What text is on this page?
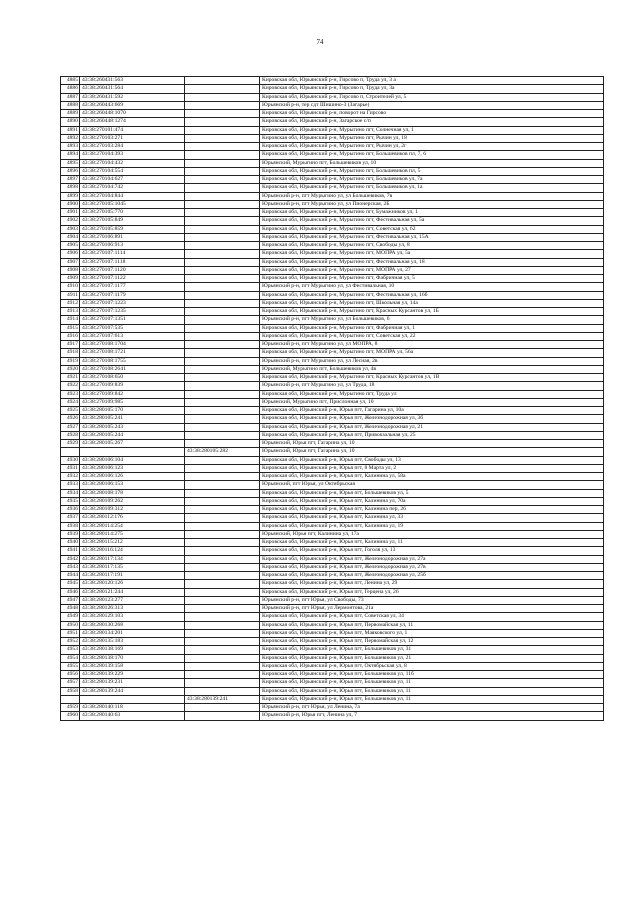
74
4885	43:38:260431:563		Кировская обл, Юрьянский р-н, Гирсово п, Труда ул, 3 а
4886	43:38:260431:564		Кировская обл, Юрьянский р-н, Гирсово п, Труда ул, 3а
4887	43:38:260431:592		Кировская обл, Юрьянский р-н, Гирсово п, Строителей ул, 5
4888	43:38:260443:669		Юрьянский р-н, тер сдт Шишино-3 (Загарье)
4889	43:38:260448:1070		Кировская обл, Юрьянский р-н, поворот на Гирсово
4890	43:38:260448:1274		Кировская обл, Юрьянский р-н, Загарское с/п
4891	43:38:270101:474		Кировская обл, Юрьянский р-н, Мурыгино пгт, Солнечная ул, 1
4892	43:38:270103:271		Кировская обл, Юрьянский р-н, Мурыгино пгт, Рычин ул, 18
4893	43:38:270103:284		Кировская обл, Юрьянский р-н, Мурыгино пгт, Рычин ул, 2г
4894	43:38:270104:393		Кировская обл, Юрьянский р-н, Мурыгино пгт, Большевиков пл, 7, 6
4895	43:38:270104:432		Юрьянский, Мурыгино пгт, Большевиков ул, 10
4896	43:38:270104:554		Кировская обл, Юрьянский р-н, Мурыгино пгт, Большевиков пл, 5
4897	43:38:270104:627		Кировская обл, Юрьянский р-н, Мурыгино пгт, Большевиков ул, 7а
4898	43:38:270104:742		Кировская обл, Юрьянский р-н, Мурыгино пгт, Большевиков ул, 1а
4899	43:38:270104:844		Юрьянский р-н, пгт Мурыгино ул, ул Большевиков, 7в
4900	43:38:270105:1045		Юрьянский р-н, пгт Мурыгино ул, ул Пионерская, 2Б
4901	43:38:270105:770		Кировская обл, Юрьянский р-н, Мурыгино пгт, Бумажников ул, 1
4902	43:38:270105:849		Кировская обл, Юрьянский р-н, Мурыгино пгт, Фестивальная ул, 5а
4903	43:38:270105:859		Кировская обл, Юрьянский р-н, Мурыгино пгт, Советская ул, 62
4904	43:38:270106:891		Кировская обл, Юрьянский р-н, Мурыгино пгт, Фестивальная ул, 15А
4905	43:38:270106:913		Кировская обл, Юрьянский р-н, Мурыгино пгт, Свободы ул, 8
4906	43:38:270107:1114		Кировская обл, Юрьянский р-н, Мурыгино пгт, МОПРА ул, 5а
4907	43:38:270107:1118		Кировская обл, Юрьянский р-н, Мурыгино пгт, Фестивальная ул, 18
4908	43:38:270107:1120		Кировская обл, Юрьянский р-н, Мурыгино пгт, МОПРА ул, 27
4909	43:38:270107:1122		Кировская обл, Юрьянский р-н, Мурыгино пгт, Фабричная ул, 5
4910	43:38:270107:1177		Юрьянский р-н, пгт Мурыгино ул, ул Фестивальная, 10
4911	43:38:270107:1179		Кировская обл, Юрьянский р-н, Мурыгино пгт, Фестивальная ул, 16б
4912	43:38:270107:1223		Кировская обл, Юрьянский р-н, Мурыгино пгт, Школьная ул, 14а
4913	43:38:270107:1235		Кировская обл, Юрьянский р-н, Мурыгино пгт, Красных Курсантов ул, 1Б
4914	43:38:270107:1351		Юрьянский р-н, пгт Мурыгино ул, ул Большевиков, 6
4915	43:38:270107:535		Кировская обл, Юрьянский р-н, Мурыгино пгт, Фабричная ул, 1
4916	43:38:270107:613		Кировская обл, Юрьянский р-н, Мурыгино пгт, Советская ул, 22
4917	43:38:270108:1704		Юрьянский р-н, пгт Мурыгино ул, ул МОПРА, 8
4918	43:38:270108:1721		Кировская обл, Юрьянский р-н, Мурыгино пгт, МОПРА ул, 56а
4919	43:38:270108:1755		Юрьянский р-н, пгт Мурыгино ул, ул Лесная, 2в
4920	43:38:270108:2641		Юрьянский, Мурыгино пгт, Большевиков ул, 4в
4921	43:38:270108:650		Кировская обл, Юрьянский р-н, Мурыгино пгт, Красных Курсантов ул, 1В
4922	43:38:270109:839		Юрьянский р-н, пгт Мурыгино ул, ул Труда, 18
4923	43:38:270109:842		Кировская обл, Юрьянский р-н, Мурыгино пгт, Труда ул
4924	43:38:270109:985		Юрьянский, Мурыгино пгт, Прислонная ул, 10
4925	43:38:280105:170		Кировская обл, Юрьянский р-н, Юрья пгт, Гагарина ул, 10а
4926	43:38:280105:241		Кировская обл, Юрьянский р-н, Юрья пгт, Железнодорожная ул, 3б
4927	43:38:280105:243		Кировская обл, Юрьянский р-н, Юрья пгт, Железнодорожная ул, 21
4928	43:38:280105:244		Кировская обл, Юрьянский р-н, Юрья пгт, Привокзальная ул, 25
4929	43:38:280105:267		Юрьянский, Юрья пгт, Гагарина ул, 10
		43:38:280105:282	Юрьянский, Юрья пгт, Гагарина ул, 10
4930	43:38:280106:104		Кировская обл, Юрьянский р-н, Юрья пгт, Свободы ул, 13
4931	43:38:280106:123		Кировская обл, Юрьянский р-н, Юрья пгт, 8 Марта ул, 2
4932	43:38:280106:126		Кировская обл, Юрьянский р-н, Юрья пгт, Калинина ул, 58а
4933	43:38:280106:153		Юрьянский, пгт Юрья, ул Октябрьская
4934	43:38:280108:178		Кировская обл, Юрьянский р-н, Юрья пгт, Большевиков ул, 5
4935	43:38:280109:262		Кировская обл, Юрьянский р-н, Юрья пгт, Калинина ул, 70а
4936	43:38:280109:312		Кировская обл, Юрьянский р-н, Юрья пгт, Калинина пер, 26
4937	43:38:280112:176		Кировская обл, Юрьянский р-н, Юрья пгт, Калинина ул, 33
4938	43:38:280114:254		Кировская обл, Юрьянский р-н, Юрья пгт, Калинина ул, 19
4939	43:38:280114:275		Юрьянский, Юрья пгт, Калинина ул, 17а
4940	43:38:280115:212		Кировская обл, Юрьянский р-н, Юрья пгт, Калинина ул, 11
4941	43:38:280116:124		Кировская обл, Юрьянский р-н, Юрья пгт, Гоголя ул, 13
4942	43:38:280117:134		Кировская обл, Юрьянский р-н, Юрья пгт, Железнодорожная ул, 27а
4943	43:38:280117:135		Кировская обл, Юрьянский р-н, Юрья пгт, Железнодорожная ул, 27в
4944	43:38:280117:191		Кировская обл, Юрьянский р-н, Юрья пгт, Железнодорожная ул, 25б
4945	43:38:280120:126		Кировская обл, Юрьянский р-н, Юрья пгт, Ленина ул, 29
4946	43:38:280121:244		Кировская обл, Юрьянский р-н, Юрья пгт, Герцена ул, 26
4947	43:38:280123:277		Юрьянский р-н, пгт Юрья, ул Свободы, 73
4948	43:38:280126:313		Юрьянский р-н, пгт Юрья, ул Лермонтова, 21а
4949	43:38:280129:103		Кировская обл, Юрьянский р-н, Юрья пгт, Советская ул, 34
4950	43:38:280130:268		Кировская обл, Юрьянский р-н, Юрья пгт, Первомайская ул, 11
4951	43:38:280134:201		Кировская обл, Юрьянский р-н, Юрья пгт, Маяковского ул, 1
4952	43:38:280135:183		Кировская обл, Юрьянский р-н, Юрья пгт, Первомайская ул, 12
4953	43:38:280138:169		Кировская обл, Юрьянский р-н, Юрья пгт, Большевиков ул, 31
4954	43:38:280138:170		Кировская обл, Юрьянский р-н, Юрья пгт, Большевиков ул, 21
4955	43:38:280139:158		Кировская обл, Юрьянский р-н, Юрья пгт, Октябрьская ул, 8
4956	43:38:280139:229		Кировская обл, Юрьянский р-н, Юрья пгт, Большевиков ул, 11б
4957	43:38:280139:231		Кировская обл, Юрьянский р-н, Юрья пгт, Большевиков ул, 11
4958	43:38:280139:244		Кировская обл, Юрьянский р-н, Юрья пгт, Большевиков ул, 11
		43:38:280139:241	Кировская обл, Юрьянский р-н, Юрья пгт, Большевиков ул, 11
4959	43:38:280140:118		Юрьянский р-н, пгт Юрья, ул Ленина, 7а
4960	43:38:280140:63		Юрьянский р-н, Юрья пгт, Ленина ул, 7
